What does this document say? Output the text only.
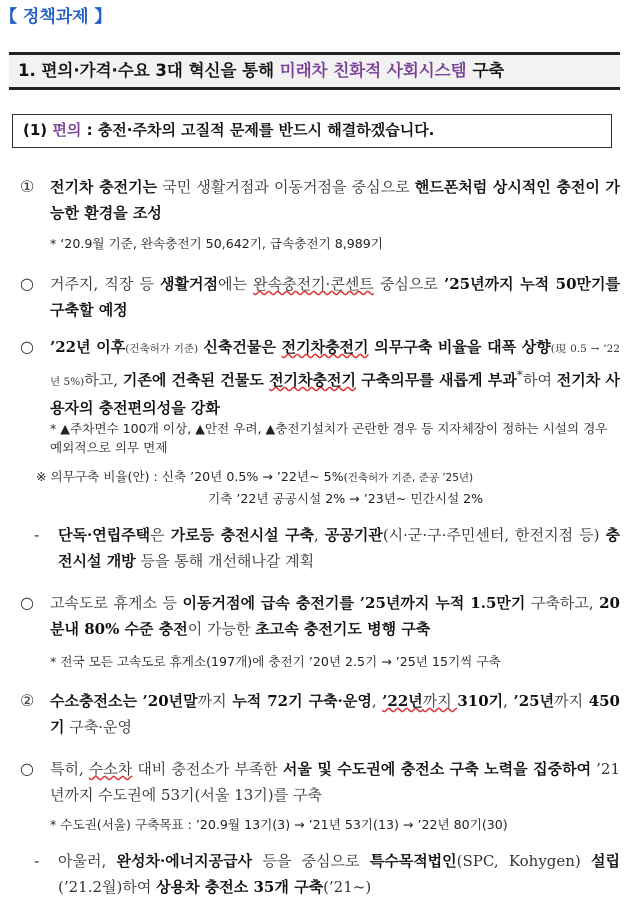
【 정책과제 】
1. 편의·가격·수요 3대 혁신을 통해 미래차 친화적 사회시스템 구축
(1) 편의 : 충전·주차의 고질적 문제를 반드시 해결하겠습니다.
① 전기차 충전기는 국민 생활거점과 이동거점을 중심으로 핸드폰처럼 상시적인 충전이 가능한 환경을 조성
* ‘20.9월 기준, 완속충전기 50,642기, 급속충전기 8,989기
○ 거주지, 직장 등 생활거점에는 완속충전기·콘센트 중심으로 ’25년까지 누적 50만기를 구축할 예정
○ ’22년 이후(건축허가 기준) 신축건물은 전기차충전기 의무구축 비율을 대폭 상향(現 0.5 → ’22년 5%)하고, 기존에 건축된 건물도 전기차충전기 구축의무를 새롭게 부과*하여 전기차 사용자의 충전편의성을 강화
* ▲주차면수 100개 이상, ▲안전 우려, ▲충전기설치가 곤란한 경우 등 지자체장이 정하는 시설의 경우 예외적으로 의무 면제
※ 의무구축 비율(안) : 신축 ’20년 0.5% → ’22년~ 5%(건축허가 기준, 준공 ’25년)
기축 ’22년 공공시설 2% → ’23년~ 민간시설 2%
- 단독·연립주택은 가로등 충전시설 구축, 공공기관(시·군·구·주민센터, 한전지점 등) 충전시설 개방 등을 통해 개선해나갈 계획
○ 고속도로 휴게소 등 이동거점에 급속 충전기를 ’25년까지 누적 1.5만기 구축하고, 20분내 80% 수준 충전이 가능한 초고속 충전기도 병행 구축
* 전국 모든 고속도로 휴게소(197개)에 충전기 ’20년 2.5기 → ’25년 15기씩 구축
② 수소충전소는 ’20년말까지 누적 72기 구축·운영, ’22년까지 310기, ’25년까지 450기 구축·운영
○ 특히, 수소차 대비 충전소가 부족한 서울 및 수도권에 충전소 구축 노력을 집중하여 ’21년까지 수도권에 53기(서울 13기)를 구축
* 수도권(서울) 구축목표 : ’20.9월 13기(3) → ’21년 53기(13) → ’22년 80기(30)
- 아울러, 완성차·에너지공급사 등을 중심으로 특수목적법인(SPC, Kohygen) 설립(’21.2월)하여 상용차 충전소 35개 구축(’21~)
